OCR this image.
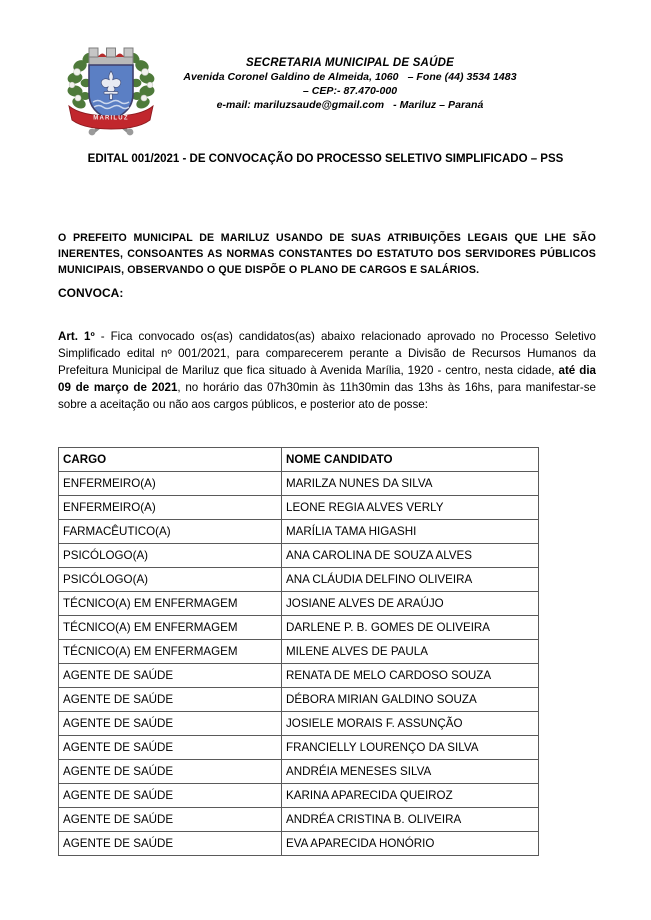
MARILUZ
SECRETARIA MUNICIPAL DE SAÚDE
Avenida Coronel Galdino de Almeida, 1060 – Fone (44) 3534 1483
– CEP:- 87.470-000
e-mail: mariluzsaude@gmail.com - Mariluz – Paraná
EDITAL 001/2021 - DE CONVOCAÇÃO DO PROCESSO SELETIVO SIMPLIFICADO – PSS
O PREFEITO MUNICIPAL DE MARILUZ USANDO DE SUAS ATRIBUIÇÕES LEGAIS QUE LHE SÃO INERENTES, CONSOANTES AS NORMAS CONSTANTES DO ESTATUTO DOS SERVIDORES PÚBLICOS MUNICIPAIS, OBSERVANDO O QUE DISPÕE O PLANO DE CARGOS E SALÁRIOS.
CONVOCA:
Art. 1º - Fica convocado os(as) candidatos(as) abaixo relacionado aprovado no Processo Seletivo Simplificado edital nº 001/2021, para comparecerem perante a Divisão de Recursos Humanos da Prefeitura Municipal de Mariluz que fica situado à Avenida Marília, 1920 - centro, nesta cidade, até dia 09 de março de 2021, no horário das 07h30min às 11h30min das 13hs às 16hs, para manifestar-se sobre a aceitação ou não aos cargos públicos, e posterior ato de posse:
CARGO	NOME CANDIDATO
ENFERMEIRO(A)	MARILZA NUNES DA SILVA
ENFERMEIRO(A)	LEONE REGIA ALVES VERLY
FARMACÊUTICO(A)	MARÍLIA TAMA HIGASHI
PSICÓLOGO(A)	ANA CAROLINA DE SOUZA ALVES
PSICÓLOGO(A)	ANA CLÁUDIA DELFINO OLIVEIRA
TÉCNICO(A) EM ENFERMAGEM	JOSIANE ALVES DE ARAÚJO
TÉCNICO(A) EM ENFERMAGEM	DARLENE P. B. GOMES DE OLIVEIRA
TÉCNICO(A) EM ENFERMAGEM	MILENE ALVES DE PAULA
AGENTE DE SAÚDE	RENATA DE MELO CARDOSO SOUZA
AGENTE DE SAÚDE	DÉBORA MIRIAN GALDINO SOUZA
AGENTE DE SAÚDE	JOSIELE MORAIS F. ASSUNÇÃO
AGENTE DE SAÚDE	FRANCIELLY LOURENÇO DA SILVA
AGENTE DE SAÚDE	ANDRÉIA MENESES SILVA
AGENTE DE SAÚDE	KARINA APARECIDA QUEIROZ
AGENTE DE SAÚDE	ANDRÉA CRISTINA B. OLIVEIRA
AGENTE DE SAÚDE	EVA APARECIDA HONÓRIO
